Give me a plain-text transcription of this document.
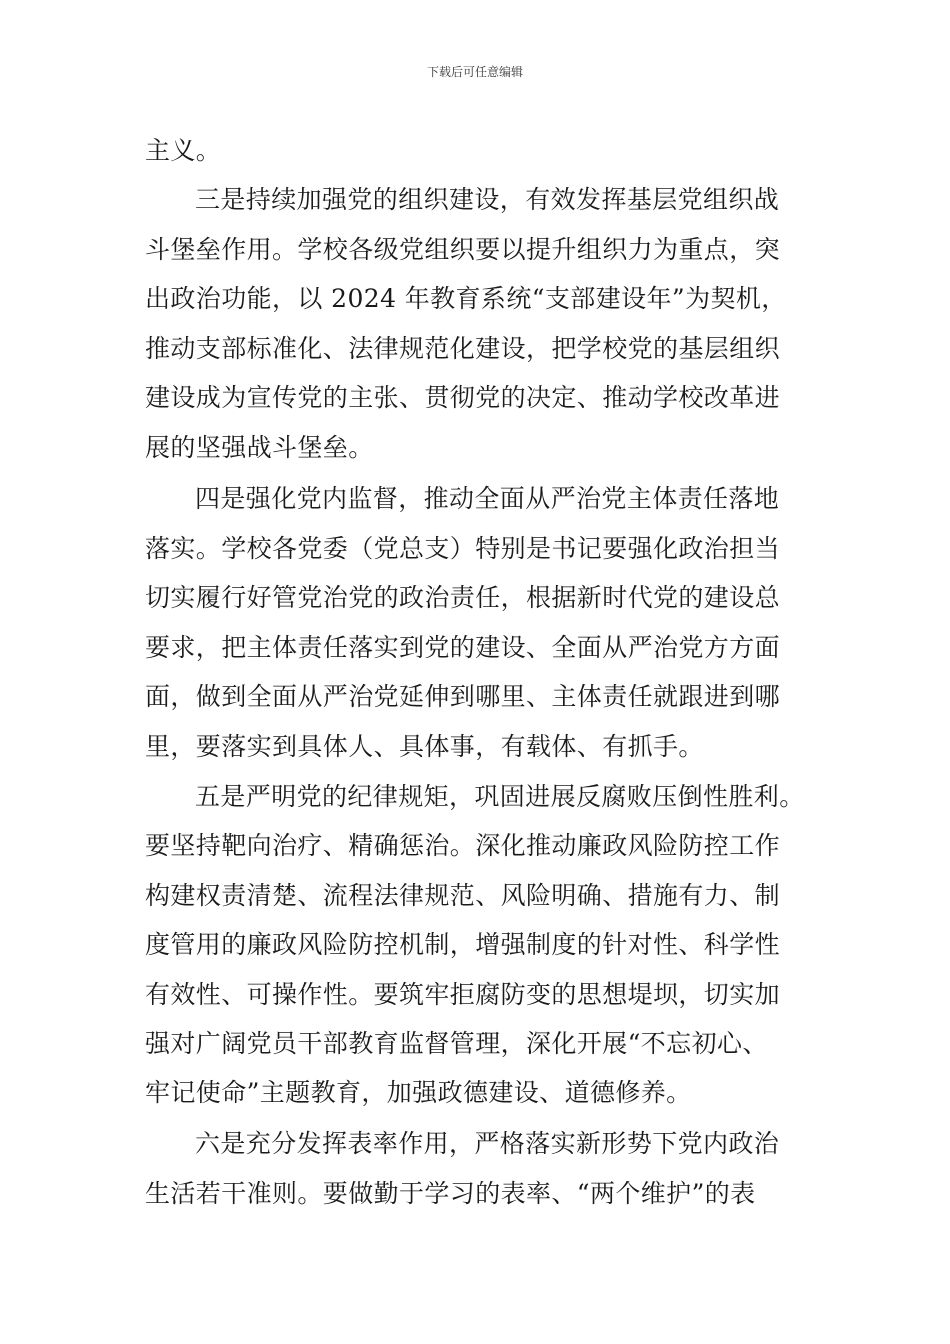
下载后可任意编辑
主义。
三是持续加强党的组织建设，有效发挥基层党组织战
斗堡垒作用。学校各级党组织要以提升组织力为重点，突
出政治功能，以 2024 年教育系统“支部建设年”为契机，
推动支部标准化、法律规范化建设，把学校党的基层组织
建设成为宣传党的主张、贯彻党的决定、推动学校改革进
展的坚强战斗堡垒。
四是强化党内监督，推动全面从严治党主体责任落地
落实。学校各党委（党总支）特别是书记要强化政治担当
切实履行好管党治党的政治责任，根据新时代党的建设总
要求，把主体责任落实到党的建设、全面从严治党方方面
面，做到全面从严治党延伸到哪里、主体责任就跟进到哪
里，要落实到具体人、具体事，有载体、有抓手。
五是严明党的纪律规矩，巩固进展反腐败压倒性胜利。
要坚持靶向治疗、精确惩治。深化推动廉政风险防控工作
构建权责清楚、流程法律规范、风险明确、措施有力、制
度管用的廉政风险防控机制，增强制度的针对性、科学性
有效性、可操作性。要筑牢拒腐防变的思想堤坝，切实加
强对广阔党员干部教育监督管理，深化开展“不忘初心、
牢记使命”主题教育，加强政德建设、道德修养。
六是充分发挥表率作用，严格落实新形势下党内政治
生活若干准则。要做勤于学习的表率、“两个维护”的表
